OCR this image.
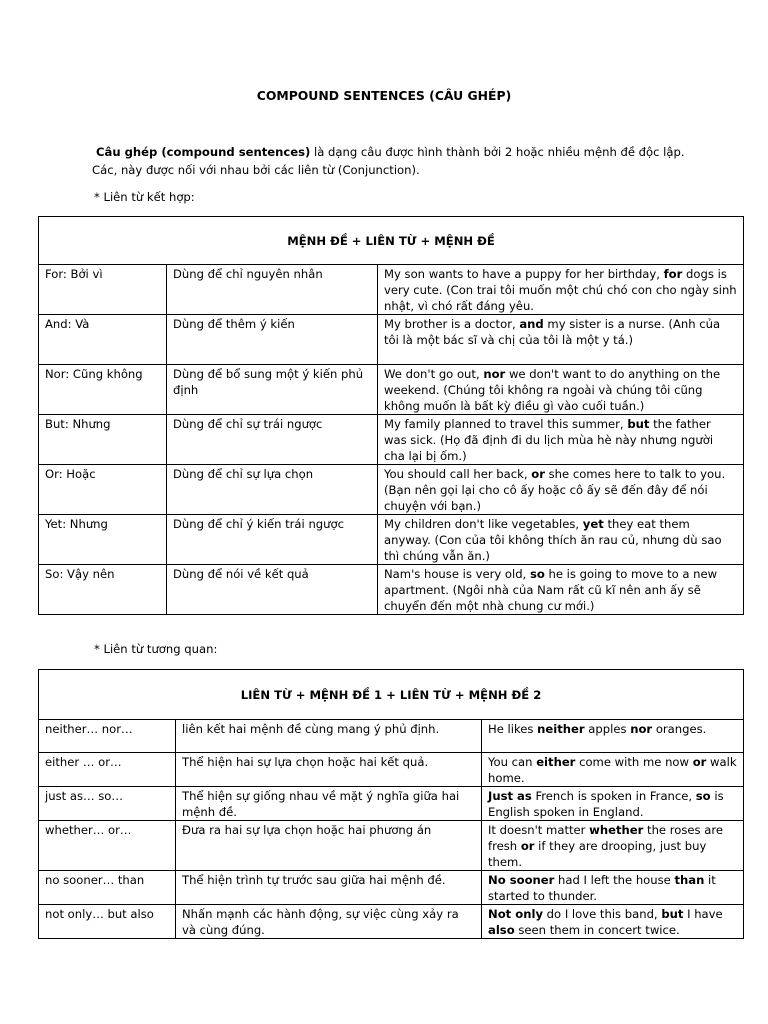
COMPOUND SENTENCES (CÂU GHÉP)
Câu ghép (compound sentences) là dạng câu được hình thành bởi 2 hoặc nhiều mệnh đề độc lập.
Các, này được nối với nhau bởi các liên từ (Conjunction).
* Liên từ kết hợp:
MỆNH ĐỀ + LIÊN TỪ + MỆNH ĐỀ		
For: Bởi vì	Dùng để chỉ nguyên nhân	My son wants to have a puppy for her birthday, for dogs is very cute. (Con trai tôi muốn một chú chó con cho ngày sinh nhật, vì chó rất đáng yêu.
And: Và	Dùng để thêm ý kiến	My brother is a doctor, and my sister is a nurse. (Anh của tôi là một bác sĩ và chị của tôi là một y tá.)
Nor: Cũng không	Dùng để bổ sung một ý kiến phủ định	We don't go out, nor we don't want to do anything on the weekend. (Chúng tôi không ra ngoài và chúng tôi cũng không muốn là bất kỳ điều gì vào cuối tuần.)
But: Nhưng	Dùng để chỉ sự trái ngược	My family planned to travel this summer, but the father was sick. (Họ đã định đi du lịch mùa hè này nhưng người cha lại bị ốm.)
Or: Hoặc	Dùng để chỉ sự lựa chọn	You should call her back, or she comes here to talk to you. (Bạn nên gọi lại cho cô ấy hoặc cô ấy sẽ đến đây để nói chuyện với bạn.)
Yet: Nhưng	Dùng để chỉ ý kiến trái ngược	My children don't like vegetables, yet they eat them anyway. (Con của tôi không thích ăn rau củ, nhưng dù sao thì chúng vẫn ăn.)
So: Vậy nên	Dùng để nói về kết quả	Nam's house is very old, so he is going to move to a new apartment. (Ngôi nhà của Nam rất cũ kĩ nên anh ấy sẽ chuyển đến một nhà chung cư mới.)
* Liên từ tương quan:
LIÊN TỪ + MỆNH ĐỀ 1 + LIÊN TỪ + MỆNH ĐỀ 2		
neither… nor…	liên kết hai mệnh đề cùng mang ý phủ định.	He likes neither apples nor oranges.
either … or…	Thể hiện hai sự lựa chọn hoặc hai kết quả.	You can either come with me now or walk home.
just as… so…	Thể hiện sự giống nhau về mặt ý nghĩa giữa hai mệnh đề.	Just as French is spoken in France, so is English spoken in England.
whether… or…	Đưa ra hai sự lựa chọn hoặc hai phương án	It doesn't matter whether the roses are fresh or if they are drooping, just buy them.
no sooner… than	Thể hiện trình tự trước sau giữa hai mệnh đề.	No sooner had I left the house than it started to thunder.
not only… but also	Nhấn mạnh các hành động, sự việc cùng xảy ra và cùng đúng.	Not only do I love this band, but I have also seen them in concert twice.
